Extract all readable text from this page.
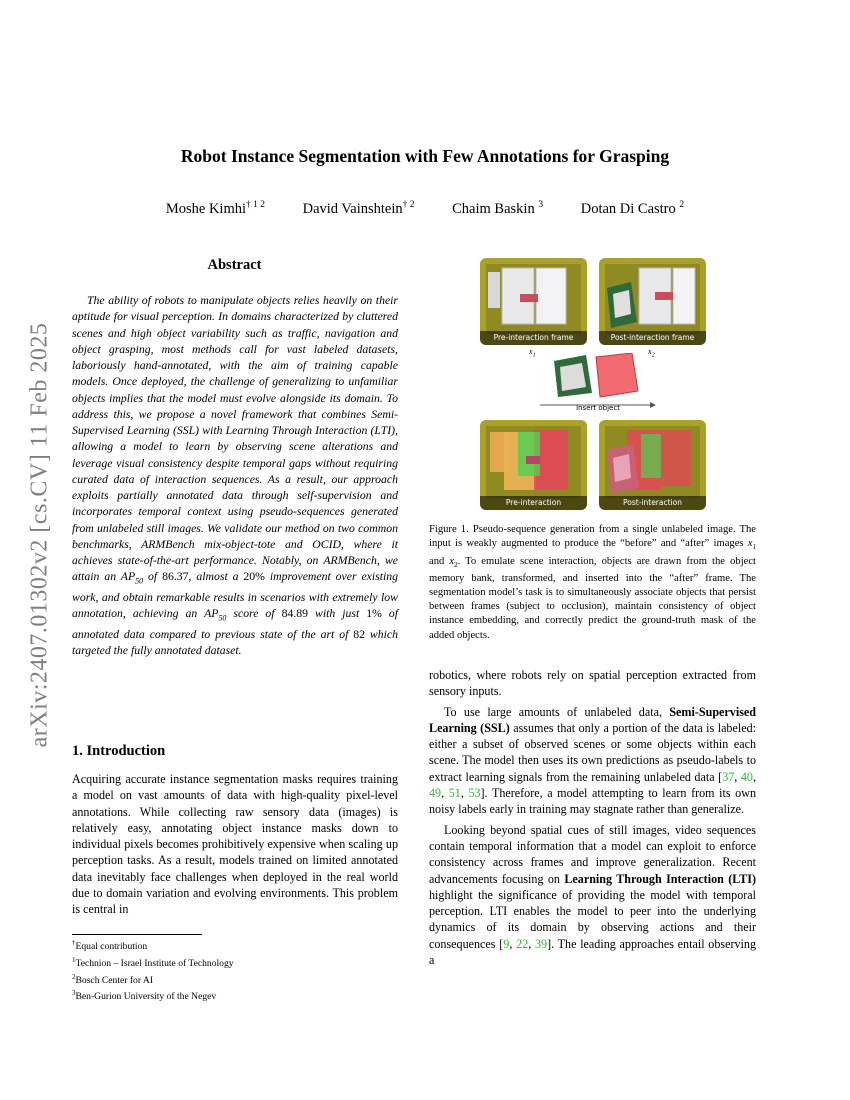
arXiv:2407.01302v2 [cs.CV] 11 Feb 2025
Robot Instance Segmentation with Few Annotations for Grasping
Moshe Kimhi$^{\dagger 1 2}$	David Vainshtein$^{\dagger 2}$	Chaim Baskin $^3$	Dotan Di Castro $^2$
Abstract

The ability of robots to manipulate objects relies heavily on their aptitude for visual perception. In domains characterized by cluttered scenes and high object variability such as traffic, navigation and object grasping, most methods call for vast labeled datasets, laboriously hand-annotated, with the aim of training capable models. Once deployed, the challenge of generalizing to unfamiliar objects implies that the model must evolve alongside its domain. To address this, we propose a novel framework that combines Semi-Supervised Learning (SSL) with Learning Through Interaction (LTI), allowing a model to learn by observing scene alterations and leverage visual consistency despite temporal gaps without requiring curated data of interaction sequences. As a result, our approach exploits partially annotated data through self-supervision and incorporates temporal context using pseudo-sequences generated from unlabeled still images. We validate our method on two common benchmarks, ARMBench mix-object-tote and OCID, where it achieves state-of-the-art performance. Notably, on ARMBench, we attain an $AP_{50}$ of 86.37, almost a 20% improvement over existing work, and obtain remarkable results in scenarios with extremely low annotation, achieving an $AP_{50}$ score of 84.89 with just 1% of annotated data compared to previous state of the art of 82 which targeted the fully annotated dataset.

1. Introduction

Acquiring accurate instance segmentation masks requires training a model on vast amounts of data with high-quality pixel-level annotations. While collecting raw sensory data (images) is relatively easy, annotating object instance masks down to individual pixels becomes prohibitively expensive when scaling up perception tasks. As a result, models trained on limited annotated data inevitably face challenges when deployed in the real world due to domain variation and evolving environments. This problem is central in

†Equal contribution
$^1$Technion – Israel Institute of Technology
$^2$Bosch Center for AI
$^3$Ben-Gurion University of the Negev
Pre-interaction frame	Post-interaction frame
$x_1$	$x_2$
Insert object
Pre-interaction	Post-interaction
Figure 1. Pseudo-sequence generation from a single unlabeled image. The input is weakly augmented to produce the “before” and “after” images $x_1$ and $x_2$. To emulate scene interaction, objects are drawn from the object memory bank, transformed, and inserted into the “after” frame. The segmentation model’s task is to simultaneously associate objects that persist between frames (subject to occlusion), maintain consistency of object instance embedding, and correctly predict the ground-truth mask of the added objects.

robotics, where robots rely on spatial perception extracted from sensory inputs.

To use large amounts of unlabeled data, Semi-Supervised Learning (SSL) assumes that only a portion of the data is labeled: either a subset of observed scenes or some objects within each scene. The model then uses its own predictions as pseudo-labels to extract learning signals from the remaining unlabeled data [37, 40, 49, 51, 53]. Therefore, a model attempting to learn from its own noisy labels early in training may stagnate rather than generalize.

Looking beyond spatial cues of still images, video sequences contain temporal information that a model can exploit to enforce consistency across frames and improve generalization. Recent advancements focusing on Learning Through Interaction (LTI) highlight the significance of providing the model with temporal perception. LTI enables the model to peer into the underlying dynamics of its domain by observing actions and their consequences [9, 22, 39]. The leading approaches entail observing a
